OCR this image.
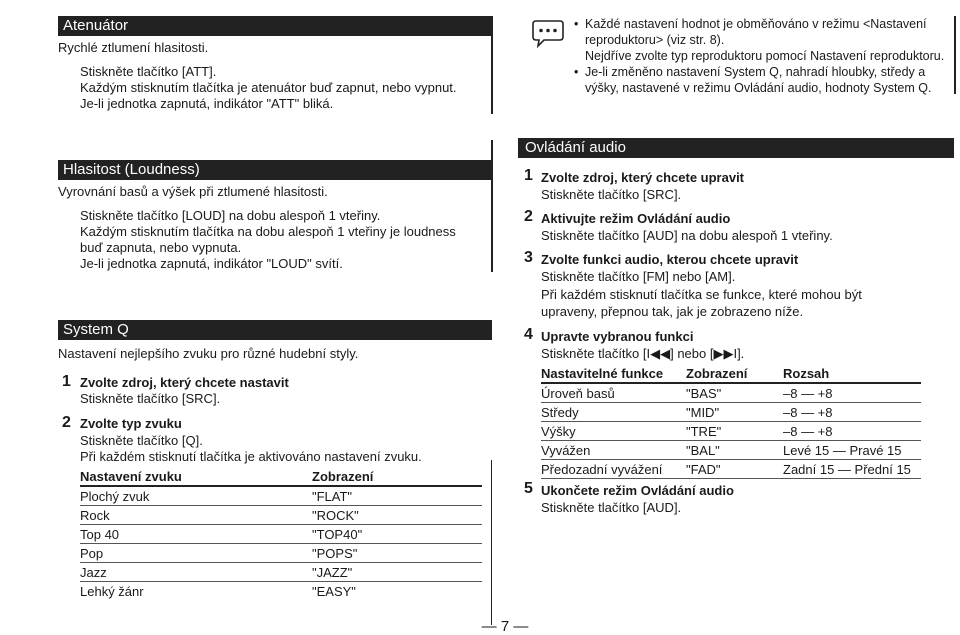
Atenuátor
Rychlé ztlumení hlasitosti.
Stiskněte tlačítko [ATT].
Každým stisknutím tlačítka je atenuátor buď zapnut, nebo vypnut.
Je-li jednotka zapnutá, indikátor "ATT" bliká.
• Každé nastavení hodnot je obměňováno v režimu <Nastavení
reproduktoru> (viz str. 8).
Nejdříve zvolte typ reproduktoru pomocí Nastavení reproduktoru.
• Je-li změněno nastavení System Q, nahradí hloubky, středy a
výšky, nastavené v režimu Ovládání audio, hodnoty System Q.
Hlasitost (Loudness)
Vyrovnání basů a výšek při ztlumené hlasitosti.
Stiskněte tlačítko [LOUD] na dobu alespoň 1 vteřiny.
Každým stisknutím tlačítka na dobu alespoň 1 vteřiny je loudness
buď zapnuta, nebo vypnuta.
Je-li jednotka zapnutá, indikátor "LOUD" svítí.
System Q
Nastavení nejlepšího zvuku pro různé hudební styly.
1 Zvolte zdroj, který chcete nastavit
Stiskněte tlačítko [SRC].
2 Zvolte typ zvuku
Stiskněte tlačítko [Q].
Při každém stisknutí tlačítka je aktivováno nastavení zvuku.
Nastavení zvuku	Zobrazení
Plochý zvuk	"FLAT"
Rock	"ROCK"
Top 40	"TOP40"
Pop	"POPS"
Jazz	"JAZZ"
Lehký žánr	"EASY"
Ovládání audio
1 Zvolte zdroj, který chcete upravit
Stiskněte tlačítko [SRC].
2 Aktivujte režim Ovládání audio
Stiskněte tlačítko [AUD] na dobu alespoň 1 vteřiny.
3 Zvolte funkci audio, kterou chcete upravit
Stiskněte tlačítko [FM] nebo [AM].
Při každém stisknutí tlačítka se funkce, které mohou být
upraveny, přepnou tak, jak je zobrazeno níže.
4 Upravte vybranou funkci
Stiskněte tlačítko [I◀◀] nebo [▶▶I].
Nastavitelné funkce	Zobrazení	Rozsah
Úroveň basů	"BAS"	–8 — +8
Středy	"MID"	–8 — +8
Výšky	"TRE"	–8 — +8
Vyvážen	"BAL"	Levé 15 — Pravé 15
Předozadní vyvážení	"FAD"	Zadní 15 — Přední 15
5 Ukončete režim Ovládání audio
Stiskněte tlačítko [AUD].
— 7 —
